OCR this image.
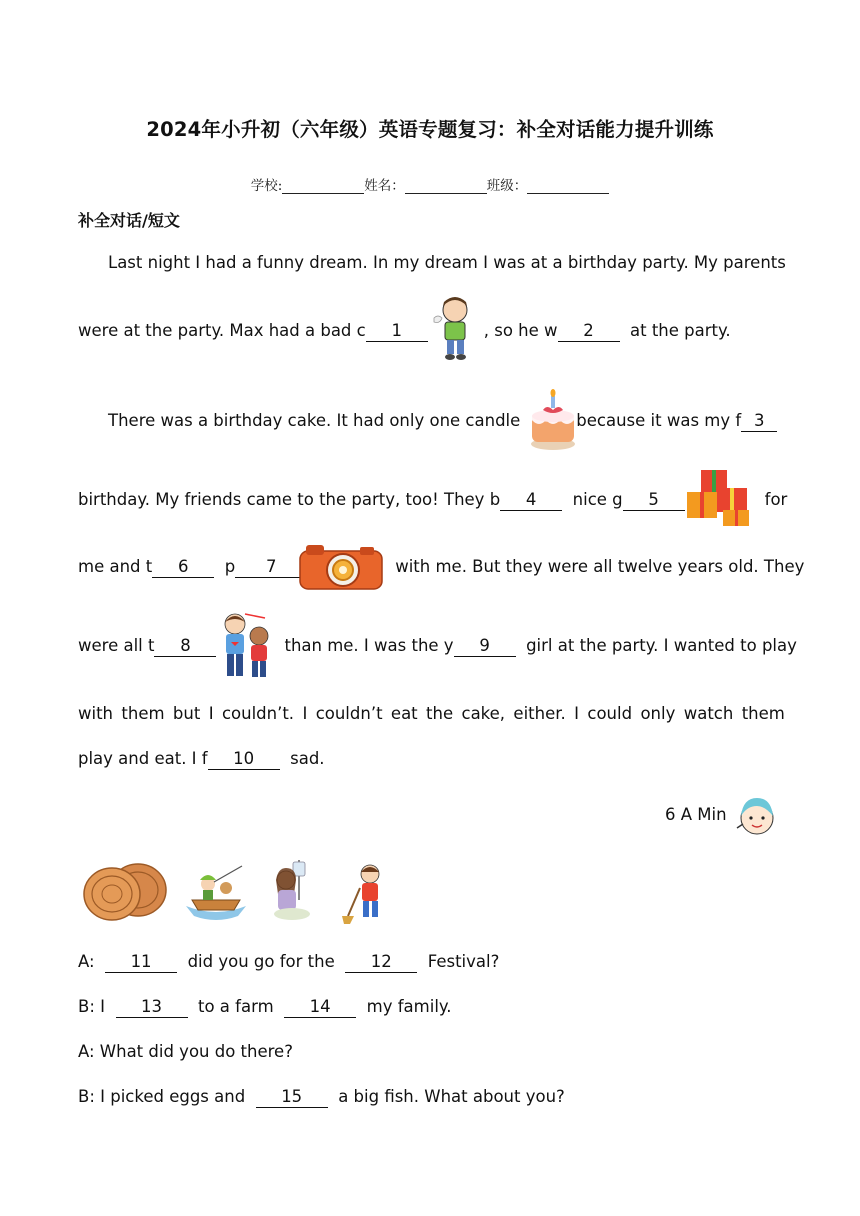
2024年小升初（六年级）英语专题复习：补全对话能力提升训练
学校:	姓名：	班级：
补全对话/短文
Last night I had a funny dream. In my dream I was at a birthday party. My parents
were at the party. Max had a bad c 1	, so he w 2 at the party.
There was a birthday cake. It had only one candle	because it was my f 3
birthday. My friends came to the party, too! They b 4 nice g 5	for
me and t 6 p 7	with me. But they were all twelve years old. They
were all t 8	than me. I was the y 9 girl at the party. I wanted to play
with them but I couldn’t. I couldn’t eat the cake, either. I could only watch them
play and eat. I f 10 sad.
6 A Min
A: 11 did you go for the 12 Festival?
B: I 13 to a farm 14 my family.
A: What did you do there?
B: I picked eggs and 15 a big fish. What about you?
